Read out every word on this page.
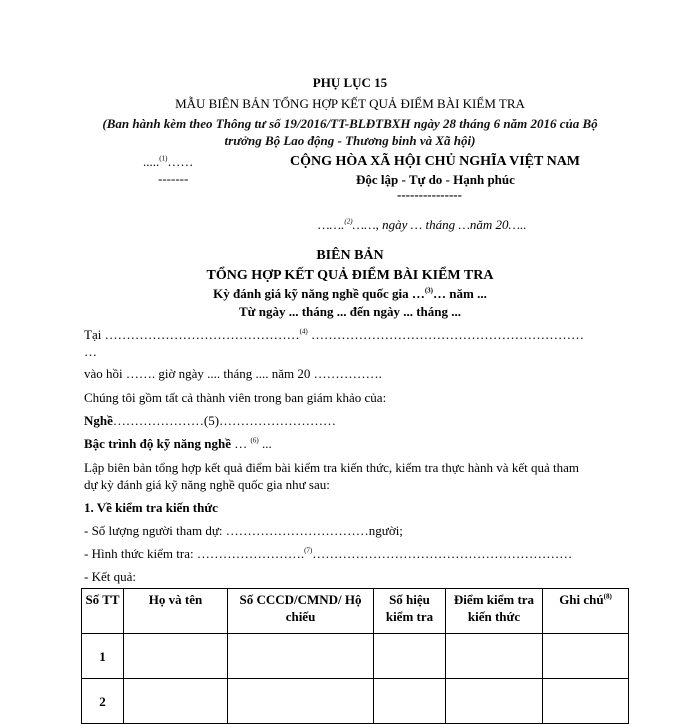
PHỤ LỤC 15
MẪU BIÊN BẢN TỔNG HỢP KẾT QUẢ ĐIỂM BÀI KIỂM TRA
(Ban hành kèm theo Thông tư số 19/2016/TT-BLĐTBXH ngày 28 tháng 6 năm 2016 của Bộ
trưởng Bộ Lao động - Thương binh và Xã hội)
.....$^{(1)}$……
-------
CỘNG HÒA XÃ HỘI CHỦ NGHĨA VIỆT NAM
Độc lập - Tự do - Hạnh phúc
---------------
…….$^{(2)}$……, ngày … tháng …năm 20…..
BIÊN BẢN
TỔNG HỢP KẾT QUẢ ĐIỂM BÀI KIỂM TRA
Kỳ đánh giá kỹ năng nghề quốc gia …$^{(3)}$… năm ...
Từ ngày ... tháng ... đến ngày ... tháng ...
Tại ………………………………………$^{(4)}$ ………………………………………………………
…
vào hồi ……. giờ ngày .... tháng .... năm 20 …………….
Chúng tôi gồm tất cả thành viên trong ban giám khảo của:
Nghề…………………(5)………………………
Bậc trình độ kỹ năng nghề … $^{(6)}$ ...
Lập biên bản tổng hợp kết quả điểm bài kiểm tra kiến thức, kiểm tra thực hành và kết quả tham
dự kỳ đánh giá kỹ năng nghề quốc gia như sau:
1. Về kiểm tra kiến thức
- Số lượng người tham dự: ……………………………người;
- Hình thức kiểm tra: …………………….$^{(7)}$……………………………………………………
- Kết quả:
Số TT	Họ và tên	Số CCCD/CMND/ Hộ chiếu	Số hiệu kiểm tra	Điểm kiểm tra kiến thức	Ghi chú$^{(8)}$
1					
2					
